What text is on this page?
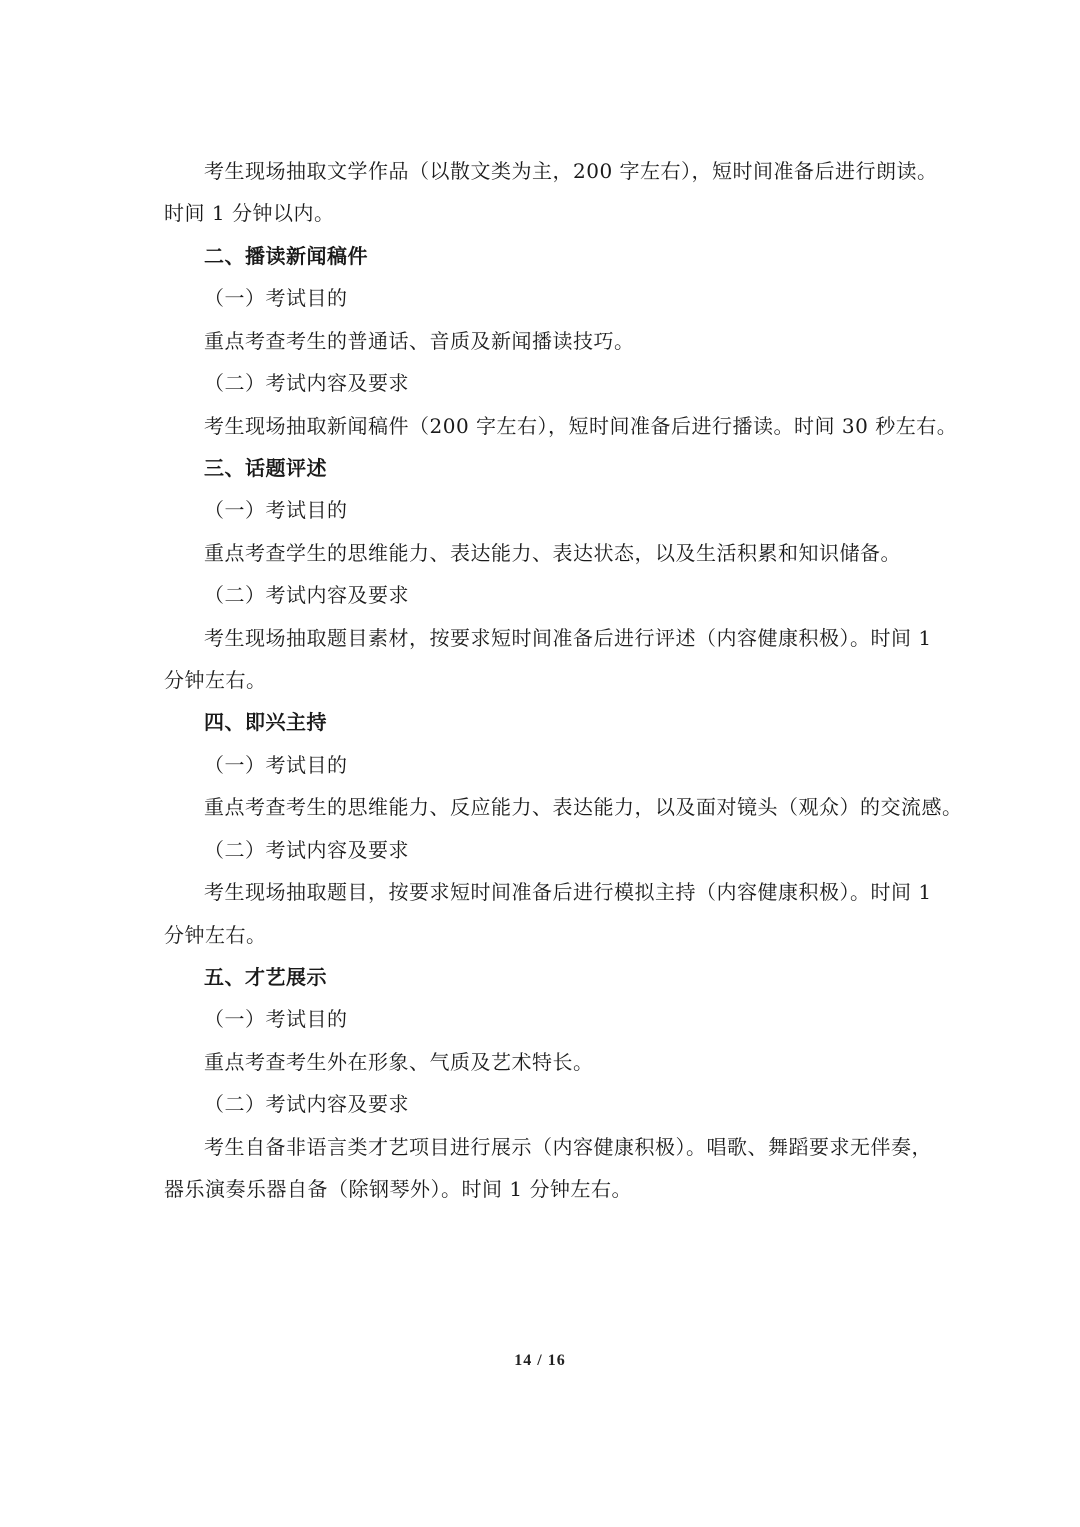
考生现场抽取文学作品（以散文类为主，200 字左右），短时间准备后进行朗读。
时间 1 分钟以内。
二、播读新闻稿件
（一）考试目的
重点考查考生的普通话、音质及新闻播读技巧。
（二）考试内容及要求
考生现场抽取新闻稿件（200 字左右），短时间准备后进行播读。时间 30 秒左右。
三、话题评述
（一）考试目的
重点考查学生的思维能力、表达能力、表达状态，以及生活积累和知识储备。
（二）考试内容及要求
考生现场抽取题目素材，按要求短时间准备后进行评述（内容健康积极）。时间 1
分钟左右。
四、即兴主持
（一）考试目的
重点考查考生的思维能力、反应能力、表达能力，以及面对镜头（观众）的交流感。
（二）考试内容及要求
考生现场抽取题目，按要求短时间准备后进行模拟主持（内容健康积极）。时间 1
分钟左右。
五、才艺展示
（一）考试目的
重点考查考生外在形象、气质及艺术特长。
（二）考试内容及要求
考生自备非语言类才艺项目进行展示（内容健康积极）。唱歌、舞蹈要求无伴奏，
器乐演奏乐器自备（除钢琴外）。时间 1 分钟左右。
14 / 16
